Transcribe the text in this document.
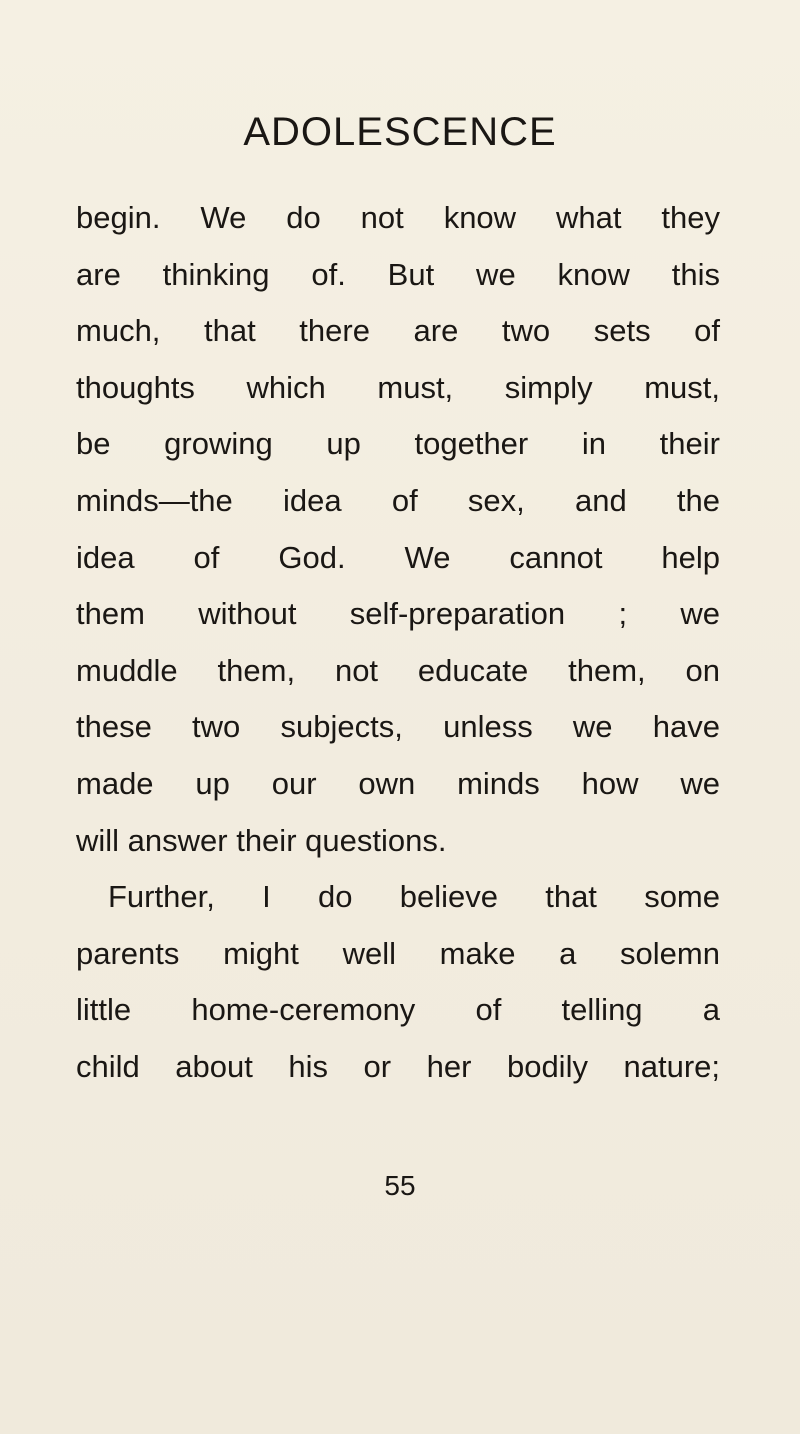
ADOLESCENCE
begin. We do not know what they
are thinking of. But we know this
much, that there are two sets of
thoughts which must, simply must,
be growing up together in their
minds—the idea of sex, and the
idea of God. We cannot help
them without self-preparation ; we
muddle them, not educate them, on
these two subjects, unless we have
made up our own minds how we
will answer their questions.
Further, I do believe that some
parents might well make a solemn
little home-ceremony of telling a
child about his or her bodily nature;
55
